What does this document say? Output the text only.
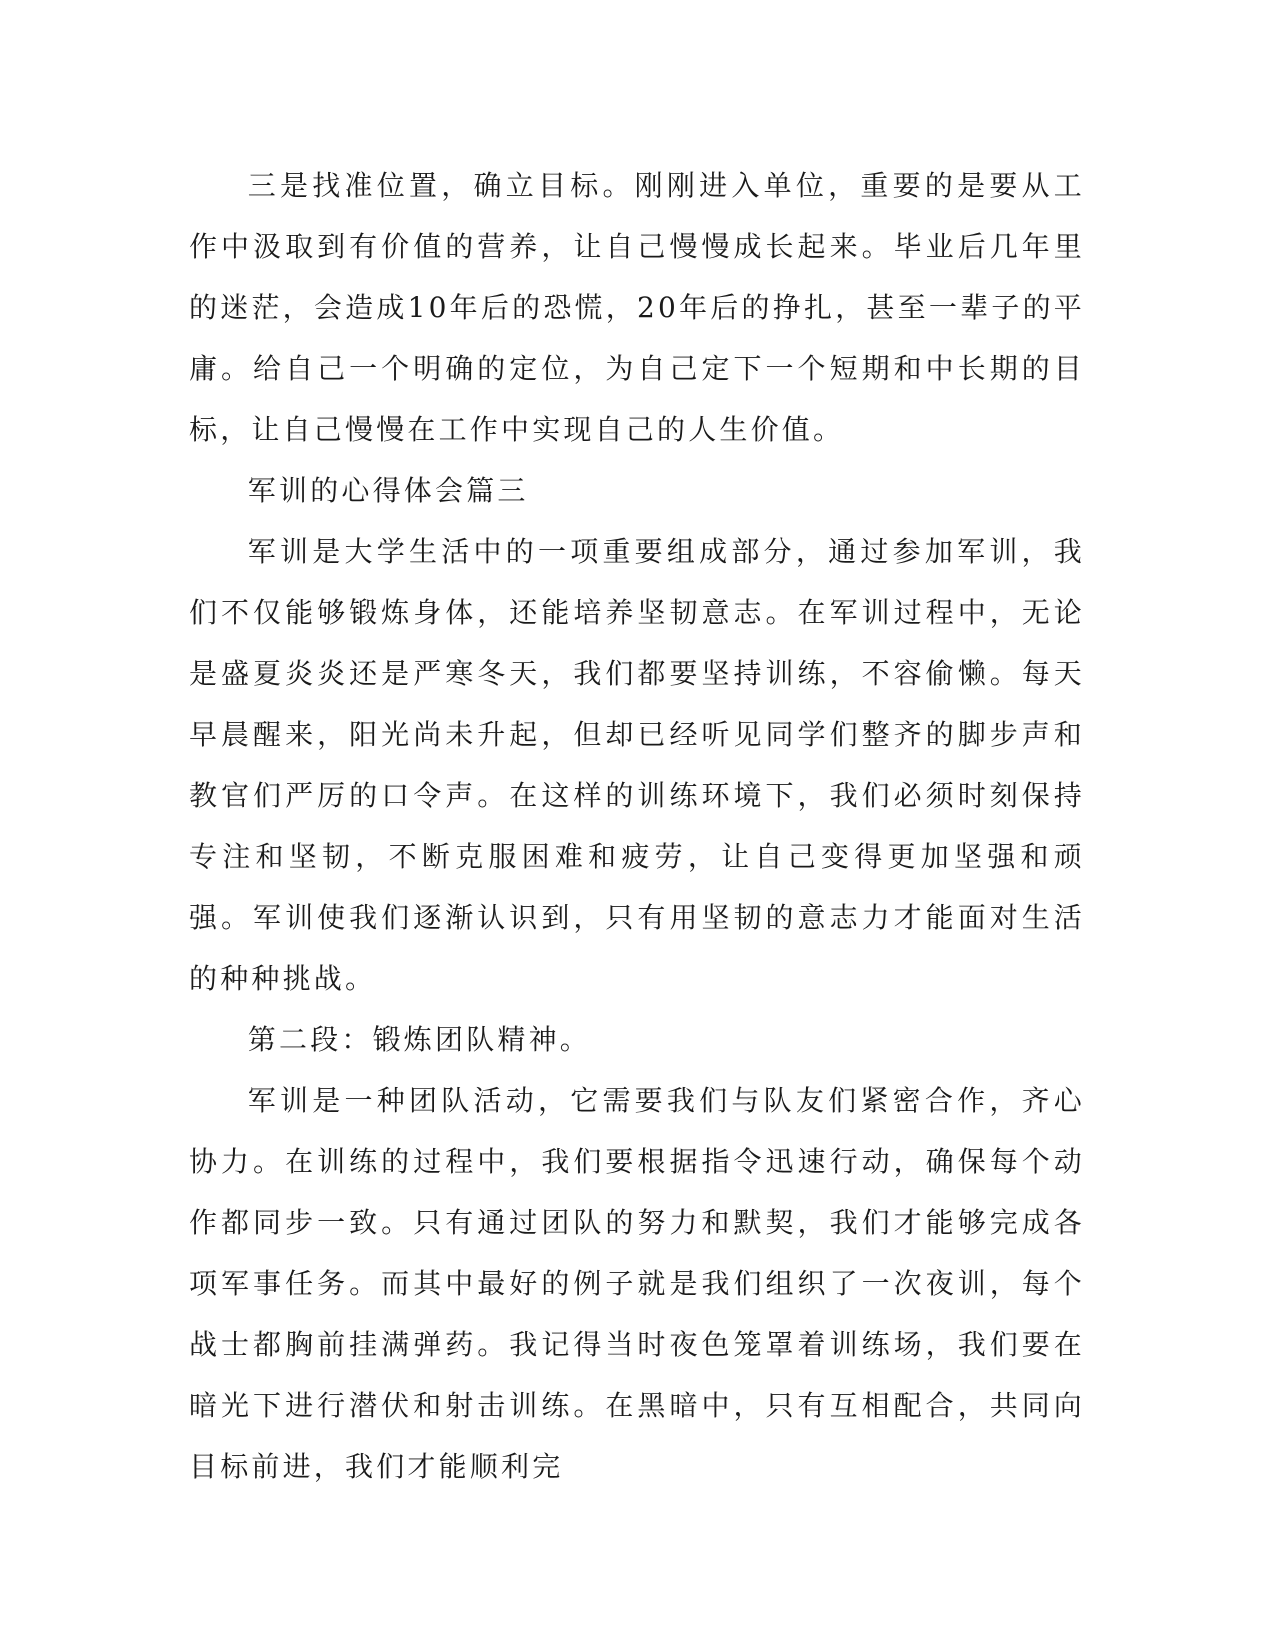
三是找准位置，确立目标。刚刚进入单位，重要的是要从工作中汲取到有价值的营养，让自己慢慢成长起来。毕业后几年里的迷茫，会造成10年后的恐慌，20年后的挣扎，甚至一辈子的平庸。给自己一个明确的定位，为自己定下一个短期和中长期的目标，让自己慢慢在工作中实现自己的人生价值。

军训的心得体会篇三

军训是大学生活中的一项重要组成部分，通过参加军训，我们不仅能够锻炼身体，还能培养坚韧意志。在军训过程中，无论是盛夏炎炎还是严寒冬天，我们都要坚持训练，不容偷懒。每天早晨醒来，阳光尚未升起，但却已经听见同学们整齐的脚步声和教官们严厉的口令声。在这样的训练环境下，我们必须时刻保持专注和坚韧，不断克服困难和疲劳，让自己变得更加坚强和顽强。军训使我们逐渐认识到，只有用坚韧的意志力才能面对生活的种种挑战。

第二段：锻炼团队精神。

军训是一种团队活动，它需要我们与队友们紧密合作，齐心协力。在训练的过程中，我们要根据指令迅速行动，确保每个动作都同步一致。只有通过团队的努力和默契，我们才能够完成各项军事任务。而其中最好的例子就是我们组织了一次夜训，每个战士都胸前挂满弹药。我记得当时夜色笼罩着训练场，我们要在暗光下进行潜伏和射击训练。在黑暗中，只有互相配合，共同向目标前进，我们才能顺利完
